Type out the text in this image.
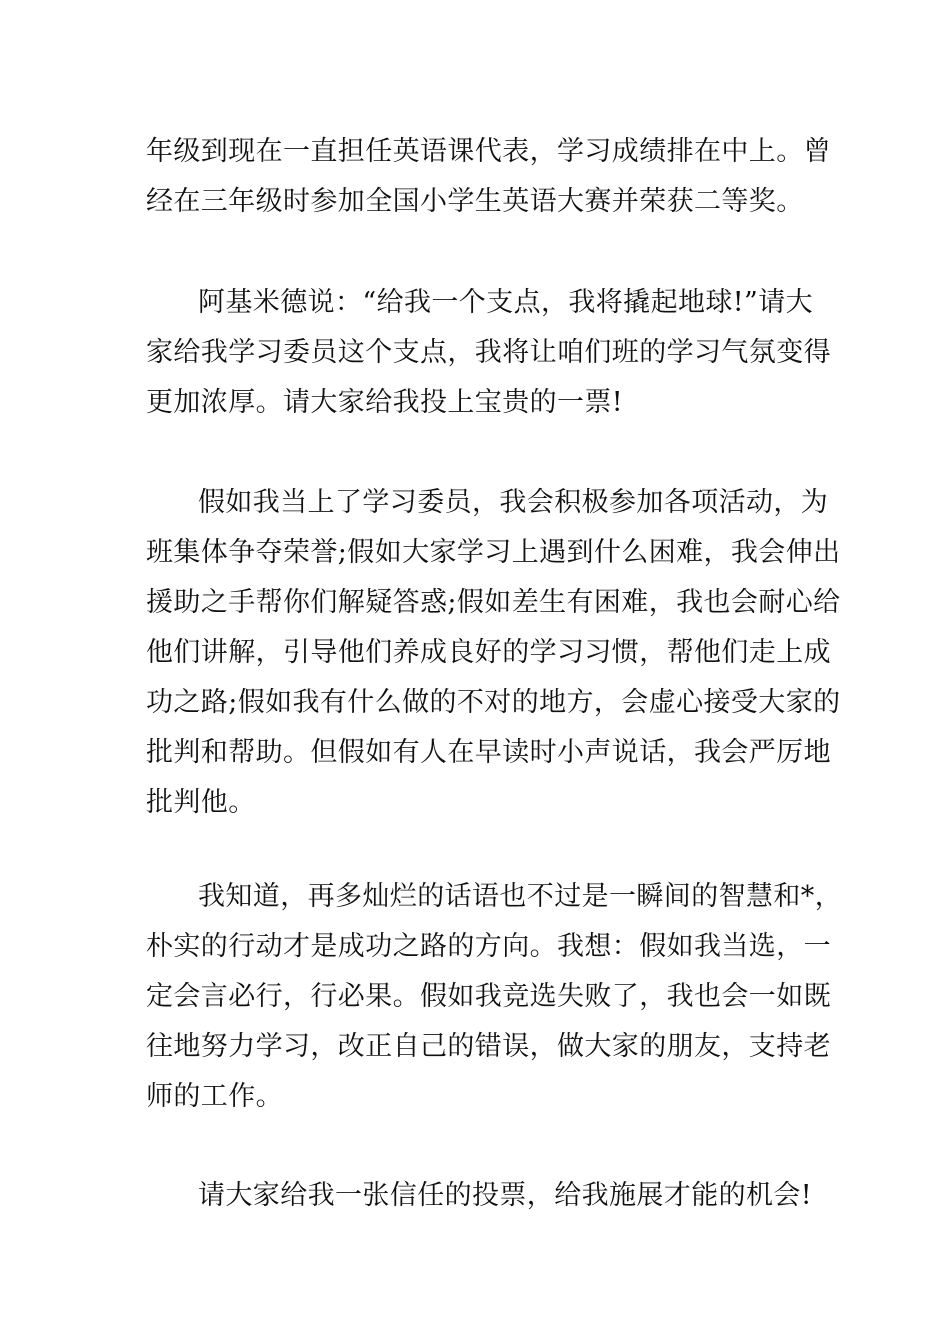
年级到现在一直担任英语课代表，学习成绩排在中上。曾
经在三年级时参加全国小学生英语大赛并荣获二等奖。

阿基米德说：“给我一个支点，我将撬起地球!”请大
家给我学习委员这个支点，我将让咱们班的学习气氛变得
更加浓厚。请大家给我投上宝贵的一票!

假如我当上了学习委员，我会积极参加各项活动，为
班集体争夺荣誉;假如大家学习上遇到什么困难，我会伸出
援助之手帮你们解疑答惑;假如差生有困难，我也会耐心给
他们讲解，引导他们养成良好的学习习惯，帮他们走上成
功之路;假如我有什么做的不对的地方，会虚心接受大家的
批判和帮助。但假如有人在早读时小声说话，我会严厉地
批判他。

我知道，再多灿烂的话语也不过是一瞬间的智慧和*，
朴实的行动才是成功之路的方向。我想：假如我当选，一
定会言必行，行必果。假如我竞选失败了，我也会一如既
往地努力学习，改正自己的错误，做大家的朋友，支持老
师的工作。

请大家给我一张信任的投票，给我施展才能的机会!
